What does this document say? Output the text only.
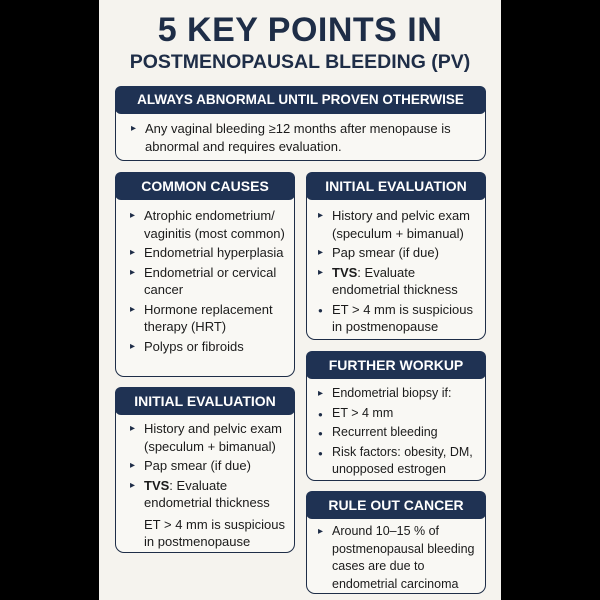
5 KEY POINTS IN
POSTMENOPAUSAL BLEEDING (PV)
ALWAYS ABNORMAL UNTIL PROVEN OTHERWISE
▸ Any vaginal bleeding ≥12 months after menopause is abnormal and requires evaluation.
COMMON CAUSES
▸ Atrophic endometrium/ vaginitis (most common)
▸ Endometrial hyperplasia
▸ Endometrial or cervical cancer
▸ Hormone replacement therapy (HRT)
▸ Polyps or fibroids
INITIAL EVALUATION
▸ History and pelvic exam (speculum + bimanual)
▸ Pap smear (if due)
▸ TVS: Evaluate endometrial thickness
● ET > 4 mm is suspicious in postmenopause
FURTHER WORKUP
▸ Endometrial biopsy if:
● ET > 4 mm
● Recurrent bleeding
● Risk factors: obesity, DM, unopposed estrogen
INITIAL EVALUATION
▸ History and pelvic exam (speculum + bimanual)
▸ Pap smear (if due)
▸ TVS: Evaluate endometrial thickness
ET > 4 mm is suspicious in postmenopause
RULE OUT CANCER
▸ Around 10–15 % of postmenopausal bleeding cases are due to endometrial carcinoma
